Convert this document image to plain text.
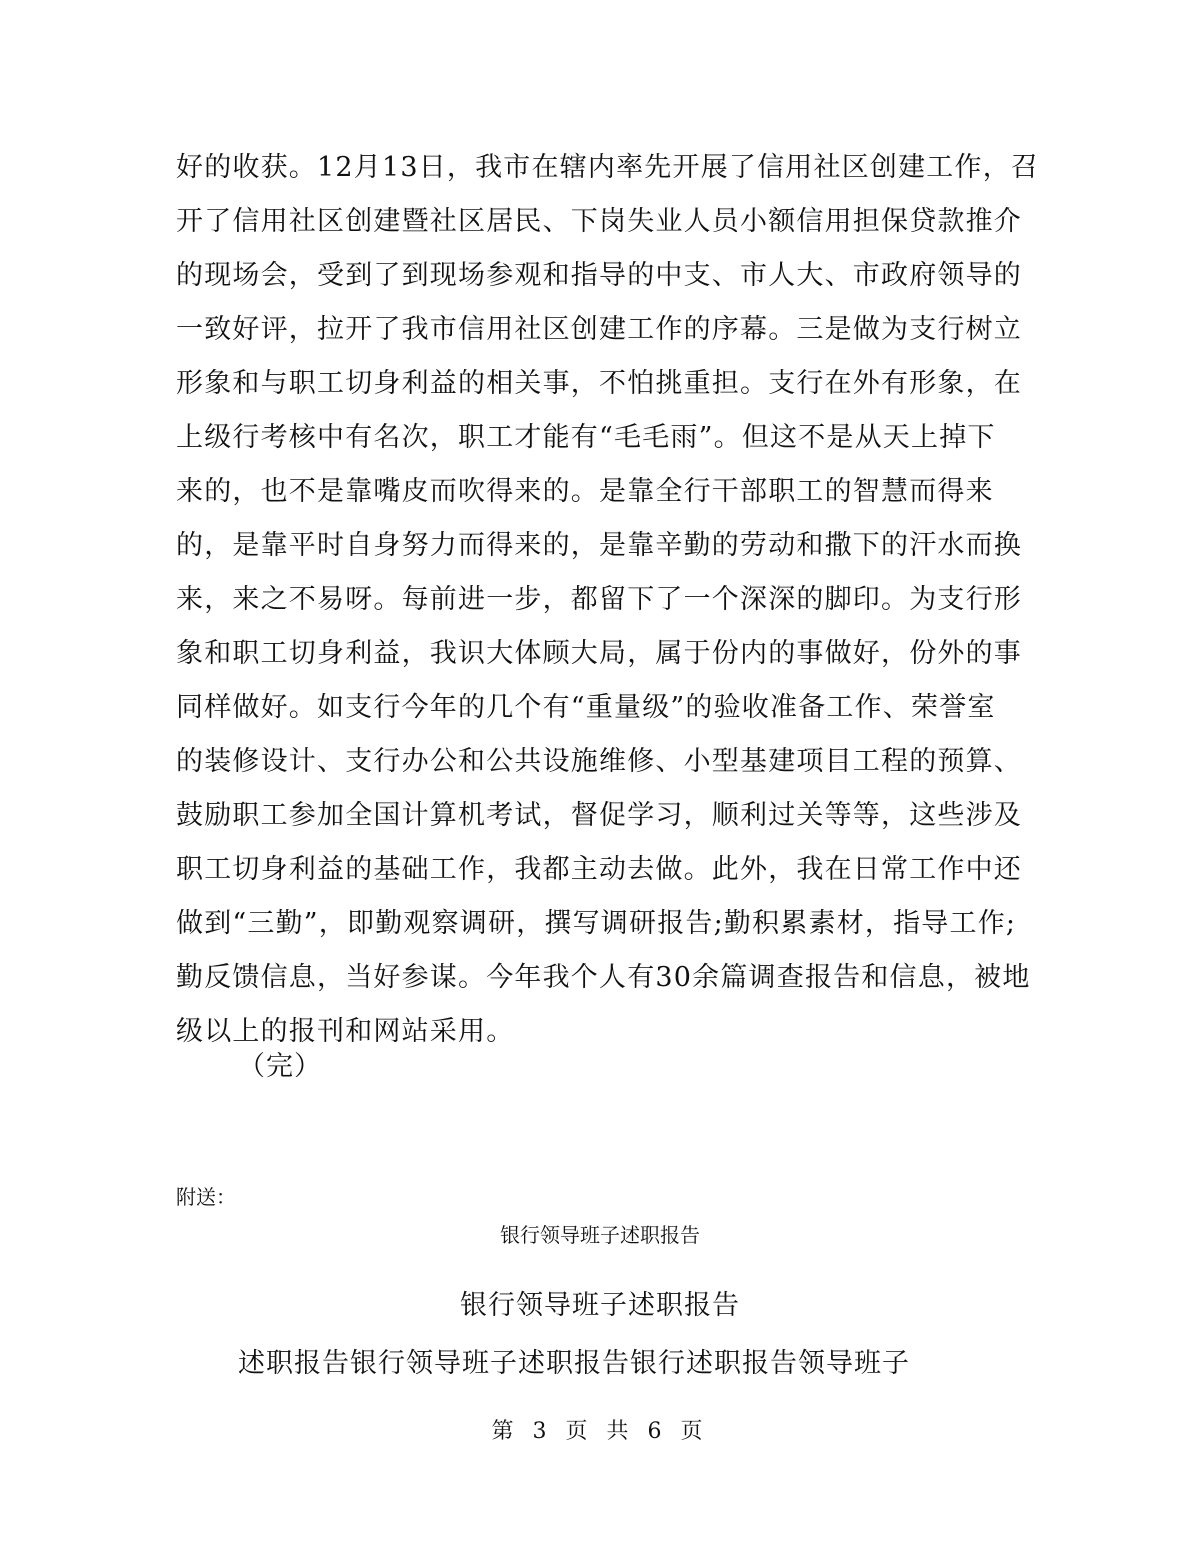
好的收获。12月13日，我市在辖内率先开展了信用社区创建工作，召
开了信用社区创建暨社区居民、下岗失业人员小额信用担保贷款推介
的现场会，受到了到现场参观和指导的中支、市人大、市政府领导的
一致好评，拉开了我市信用社区创建工作的序幕。三是做为支行树立
形象和与职工切身利益的相关事，不怕挑重担。支行在外有形象，在
上级行考核中有名次，职工才能有“毛毛雨”。但这不是从天上掉下
来的，也不是靠嘴皮而吹得来的。是靠全行干部职工的智慧而得来
的，是靠平时自身努力而得来的，是靠辛勤的劳动和撒下的汗水而换
来，来之不易呀。每前进一步，都留下了一个深深的脚印。为支行形
象和职工切身利益，我识大体顾大局，属于份内的事做好，份外的事
同样做好。如支行今年的几个有“重量级”的验收准备工作、荣誉室
的装修设计、支行办公和公共设施维修、小型基建项目工程的预算、
鼓励职工参加全国计算机考试，督促学习，顺利过关等等，这些涉及
职工切身利益的基础工作，我都主动去做。此外，我在日常工作中还
做到“三勤”，即勤观察调研，撰写调研报告;勤积累素材，指导工作;
勤反馈信息，当好参谋。今年我个人有30余篇调查报告和信息，被地
级以上的报刊和网站采用。
（完）
附送：
银行领导班子述职报告
银行领导班子述职报告
述职报告银行领导班子述职报告银行述职报告领导班子
第 3 页 共 6 页
